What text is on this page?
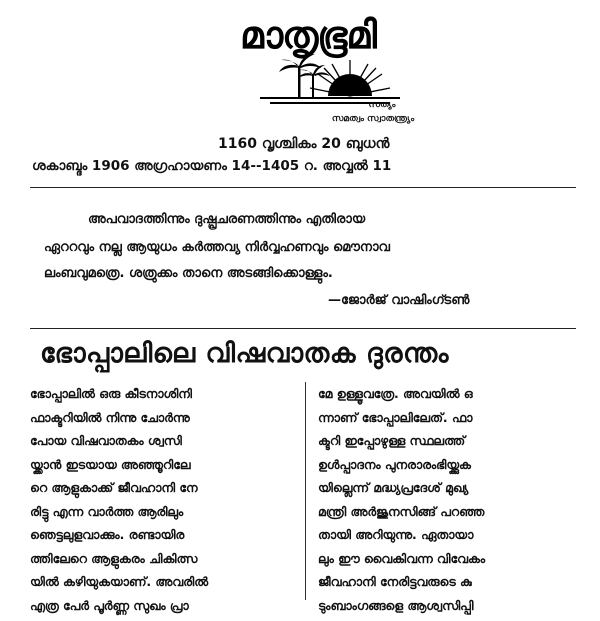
മാതൃഭൂമി
സത്യം
സമത്വം സ്വാതന്ത്ര്യം
1160 വൃശ്ചികം 20 ബുധൻ
ശകാബ്ദം 1906 അഗ്രഹായണം 14--1405 റ. അവ്വൽ 11
അപവാദത്തിന്നും ദുഷ്പ്രചരണത്തിന്നും എതിരായ
ഏററവും നല്ല ആയുധം കർത്തവ്യ നിർവ്വഹണവും മൌനാവ
ലംബവുമത്രെ. ശത്രുക്കം താനെ അടങ്ങിക്കൊള്ളും.
—ജോർജ് വാഷിംഗ്ടൺ
ഭോപ്പാലിലെ വിഷവാതക ദുരന്തം
ഭോപ്പാലിൽ ഒരു കീടനാശിനി
ഫാക്ടറിയിൽ നിന്നു ചോർന്നു
പോയ വിഷവാതകം ശ്വസി
യ്ക്കാൻ ഇടയായ അഞ്ഞൂറിലേ
റെ ആളുകാക്ക് ജീവഹാനി നേ
രിട്ടു എന്ന വാർത്ത ആരിലും
ഞെട്ടലുളവാക്കും. രണ്ടായിര
ത്തിലേറെ ആളുകരം ചികിത്സ
യിൽ കഴിയുകയാണ്. അവരിൽ
എത്ര പേർ പൂർണ്ണ സുഖം പ്രാ
മേ ഉള്ളൂവത്രേ. അവയിൽ ഒ
ന്നാണ് ഭോപ്പാലിലേത്. ഫാ
ക്ടറി ഇപ്പോഴുള്ള സ്ഥലത്ത്
ഉൾപ്പാദനം പുനരാരംഭിയ്ക്കുക
യില്ലെന്ന് മദ്ധ്യപ്രദേശ് മുഖ്യ
മന്ത്രി അർജുനസിങ്ങ് പറഞ്ഞ
തായി അറിയുന്നു. ഏതായാ
ലും ഈ വൈകിവന്ന വിവേകം
ജീവഹാനി നേരിട്ടവരുടെ കു
ടുംബാംഗങ്ങളെ ആശ്വസിപ്പി
